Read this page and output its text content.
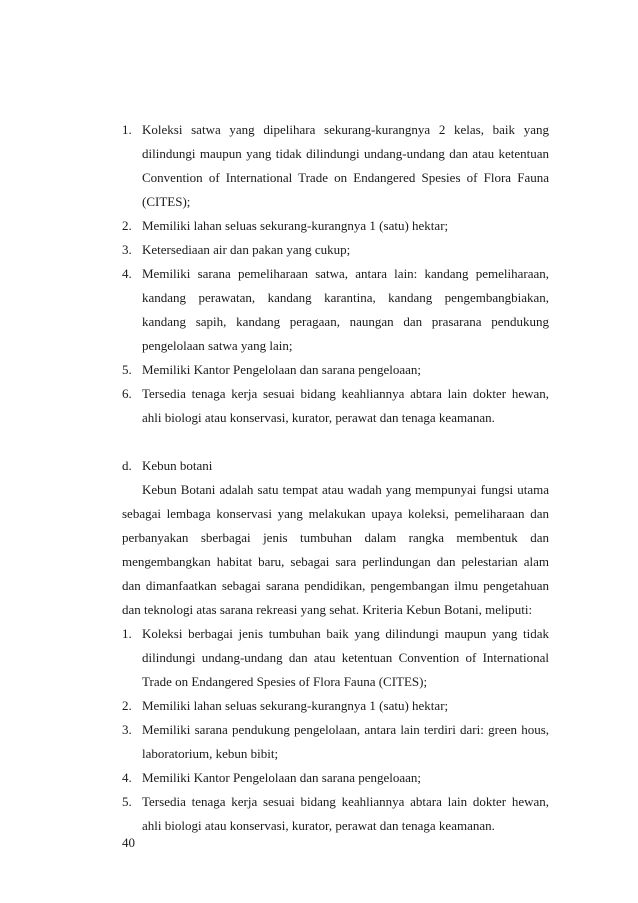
1. Koleksi satwa yang dipelihara sekurang-kurangnya 2 kelas, baik yang dilindungi maupun yang tidak dilindungi undang-undang dan atau ketentuan Convention of International Trade on Endangered Spesies of Flora Fauna (CITES);
2. Memiliki lahan seluas sekurang-kurangnya 1 (satu) hektar;
3. Ketersediaan air dan pakan yang cukup;
4. Memiliki sarana pemeliharaan satwa, antara lain: kandang pemeliharaan, kandang perawatan, kandang karantina, kandang pengembangbiakan, kandang sapih, kandang peragaan, naungan dan prasarana pendukung pengelolaan satwa yang lain;
5. Memiliki Kantor Pengelolaan dan sarana pengeloaan;
6. Tersedia tenaga kerja sesuai bidang keahliannya abtara lain dokter hewan, ahli biologi atau konservasi, kurator, perawat dan tenaga keamanan.
d. Kebun botani
Kebun Botani adalah satu tempat atau wadah yang mempunyai fungsi utama sebagai lembaga konservasi yang melakukan upaya koleksi, pemeliharaan dan perbanyakan sberbagai jenis tumbuhan dalam rangka membentuk dan mengembangkan habitat baru, sebagai sara perlindungan dan pelestarian alam dan dimanfaatkan sebagai sarana pendidikan, pengembangan ilmu pengetahuan dan teknologi atas sarana rekreasi yang sehat. Kriteria Kebun Botani, meliputi:
1. Koleksi berbagai jenis tumbuhan baik yang dilindungi maupun yang tidak dilindungi undang-undang dan atau ketentuan Convention of International Trade on Endangered Spesies of Flora Fauna (CITES);
2. Memiliki lahan seluas sekurang-kurangnya 1 (satu) hektar;
3. Memiliki sarana pendukung pengelolaan, antara lain terdiri dari: green hous, laboratorium, kebun bibit;
4. Memiliki Kantor Pengelolaan dan sarana pengeloaan;
5. Tersedia tenaga kerja sesuai bidang keahliannya abtara lain dokter hewan, ahli biologi atau konservasi, kurator, perawat dan tenaga keamanan.
40
